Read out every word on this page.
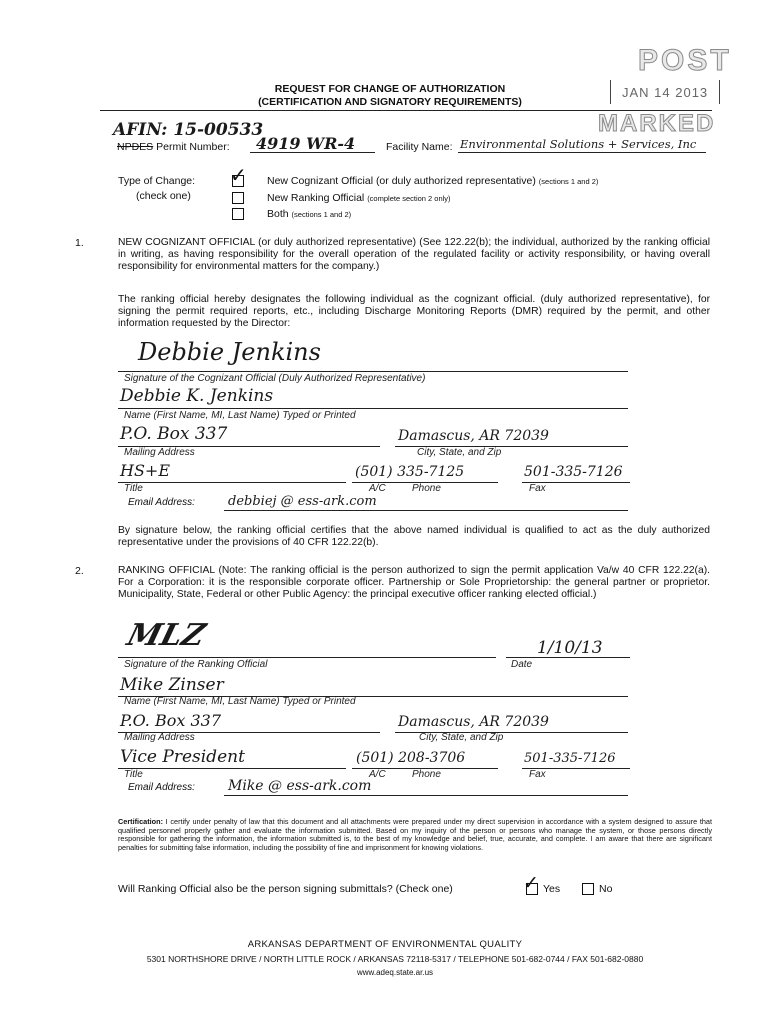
REQUEST FOR CHANGE OF AUTHORIZATION
(CERTIFICATION AND SIGNATORY REQUIREMENTS)
POST
JAN 14 2013
MARKED
AFIN: 15-00533
NPDES Permit Number: 4919 WR-4	Facility Name: Environmental Solutions + Services, Inc
Type of Change:
(check one)
✓ New Cognizant Official (or duly authorized representative) (sections 1 and 2)
New Ranking Official (complete section 2 only)
Both (sections 1 and 2)
1.	NEW COGNIZANT OFFICIAL (or duly authorized representative) (See 122.22(b); the individual, authorized by the ranking official in writing, as having responsibility for the overall operation of the regulated facility or activity responsibility, or having overall responsibility for environmental matters for the company.)
The ranking official hereby designates the following individual as the cognizant official. (duly authorized representative), for signing the permit required reports, etc., including Discharge Monitoring Reports (DMR) required by the permit, and other information requested by the Director:
Debbie Jenkins
Signature of the Cognizant Official (Duly Authorized Representative)
Debbie K. Jenkins
Name (First Name, MI, Last Name) Typed or Printed
P.O. Box 337
Mailing Address
Damascus, AR 72039
City, State, and Zip
HS+E
Title
(501) 335-7125
A/C	Phone
501-335-7126
Fax
Email Address:	debbiej @ ess-ark.com
By signature below, the ranking official certifies that the above named individual is qualified to act as the duly authorized representative under the provisions of 40 CFR 122.22(b).
2.	RANKING OFFICIAL (Note: The ranking official is the person authorized to sign the permit application Va/w 40 CFR 122.22(a). For a Corporation: it is the responsible corporate officer. Partnership or Sole Proprietorship: the general partner or proprietor. Municipality, State, Federal or other Public Agency: the principal executive officer ranking elected official.)
MLZ
Signature of the Ranking Official
1/10/13
Date
Mike Zinser
Name (First Name, MI, Last Name) Typed or Printed
P.O. Box 337
Mailing Address
Damascus, AR 72039
City, State, and Zip
Vice President
Title
(501) 208-3706
A/C	Phone
501-335-7126
Fax
Email Address: Mike @ ess-ark.com
Certification: I certify under penalty of law that this document and all attachments were prepared under my direct supervision in accordance with a system designed to assure that qualified personnel properly gather and evaluate the information submitted. Based on my inquiry of the person or persons who manage the system, or those persons directly responsible for gathering the information, the information submitted is, to the best of my knowledge and belief, true, accurate, and complete. I am aware that there are significant penalties for submitting false information, including the possibility of fine and imprisonment for knowing violations.
Will Ranking Official also be the person signing submittals? (Check one)	✓ Yes	No
ARKANSAS DEPARTMENT OF ENVIRONMENTAL QUALITY
5301 NORTHSHORE DRIVE / NORTH LITTLE ROCK / ARKANSAS 72118-5317 / TELEPHONE 501-682-0744 / FAX 501-682-0880
www.adeq.state.ar.us
